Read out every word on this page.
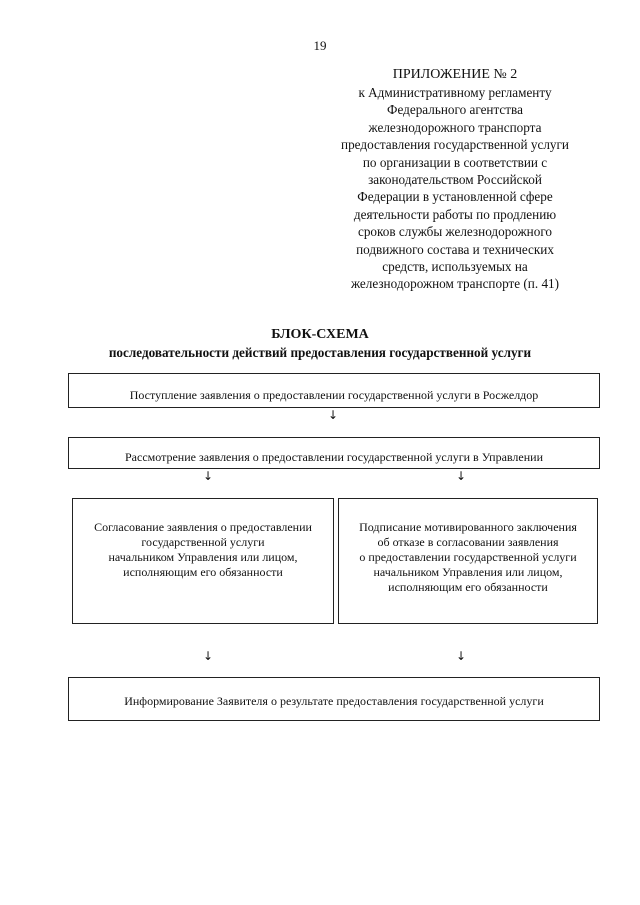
19
ПРИЛОЖЕНИЕ № 2
к Административному регламенту
Федерального агентства
железнодорожного транспорта
предоставления государственной услуги
по организации в соответствии с
законодательством Российской
Федерации в установленной сфере
деятельности работы по продлению
сроков службы железнодорожного
подвижного состава и технических
средств, используемых на
железнодорожном транспорте (п. 41)
БЛОК-СХЕМА
последовательности действий предоставления государственной услуги
Поступление заявления о предоставлении государственной услуги в Росжелдор
↓
Рассмотрение заявления о предоставлении государственной услуги в Управлении
↓	↓
Согласование заявления о предоставлении
государственной услуги
начальником Управления или лицом,
исполняющим его обязанности
Подписание мотивированного заключения
об отказе в согласовании заявления
о предоставлении государственной услуги
начальником Управления или лицом,
исполняющим его обязанности
↓	↓
Информирование Заявителя о результате предоставления государственной услуги
